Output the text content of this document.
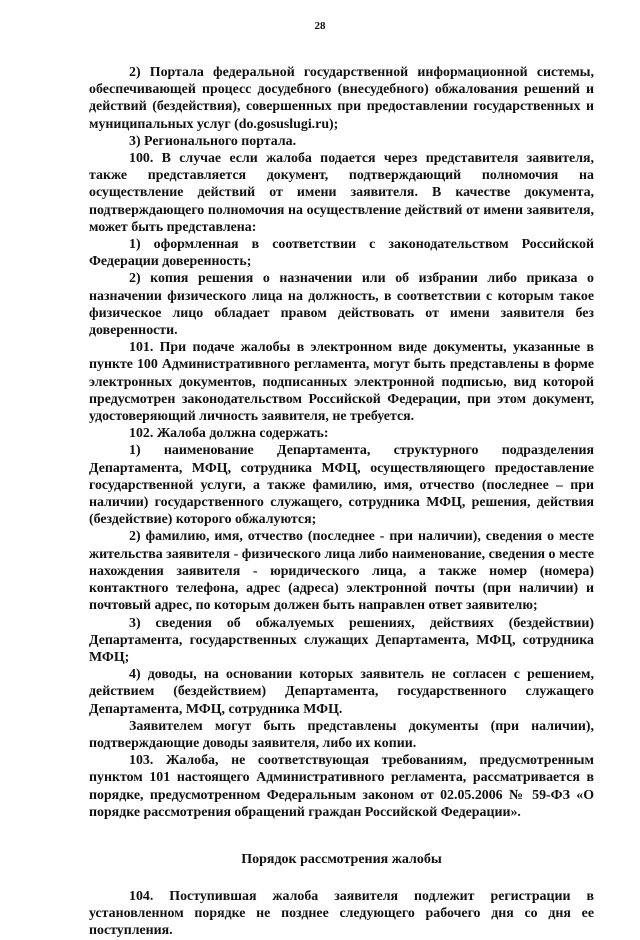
28

2) Портала федеральной государственной информационной системы, обеспечивающей процесс досудебного (внесудебного) обжалования решений и действий (бездействия), совершенных при предоставлении государственных и муниципальных услуг (do.gosuslugi.ru);

3) Регионального портала.

100. В случае если жалоба подается через представителя заявителя, также представляется документ, подтверждающий полномочия на осуществление действий от имени заявителя. В качестве документа, подтверждающего полномочия на осуществление действий от имени заявителя, может быть представлена:

1) оформленная в соответствии с законодательством Российской Федерации доверенность;

2) копия решения о назначении или об избрании либо приказа о назначении физического лица на должность, в соответствии с которым такое физическое лицо обладает правом действовать от имени заявителя без доверенности.

101. При подаче жалобы в электронном виде документы, указанные в пункте 100 Административного регламента, могут быть представлены в форме электронных документов, подписанных электронной подписью, вид которой предусмотрен законодательством Российской Федерации, при этом документ, удостоверяющий личность заявителя, не требуется.

102. Жалоба должна содержать:

1) наименование Департамента, структурного подразделения Департамента, МФЦ, сотрудника МФЦ, осуществляющего предоставление государственной услуги, а также фамилию, имя, отчество (последнее – при наличии) государственного служащего, сотрудника МФЦ, решения, действия (бездействие) которого обжалуются;

2) фамилию, имя, отчество (последнее - при наличии), сведения о месте жительства заявителя - физического лица либо наименование, сведения о месте нахождения заявителя - юридического лица, а также номер (номера) контактного телефона, адрес (адреса) электронной почты (при наличии) и почтовый адрес, по которым должен быть направлен ответ заявителю;

3) сведения об обжалуемых решениях, действиях (бездействии) Департамента, государственных служащих Департамента, МФЦ, сотрудника МФЦ;

4) доводы, на основании которых заявитель не согласен с решением, действием (бездействием) Департамента, государственного служащего Департамента, МФЦ, сотрудника МФЦ.

Заявителем могут быть представлены документы (при наличии), подтверждающие доводы заявителя, либо их копии.

103. Жалоба, не соответствующая требованиям, предусмотренным пунктом 101 настоящего Административного регламента, рассматривается в порядке, предусмотренном Федеральным законом от 02.05.2006 № 59-ФЗ «О порядке рассмотрения обращений граждан Российской Федерации».

Порядок рассмотрения жалобы

104. Поступившая жалоба заявителя подлежит регистрации в установленном порядке не позднее следующего рабочего дня со дня ее поступления.
